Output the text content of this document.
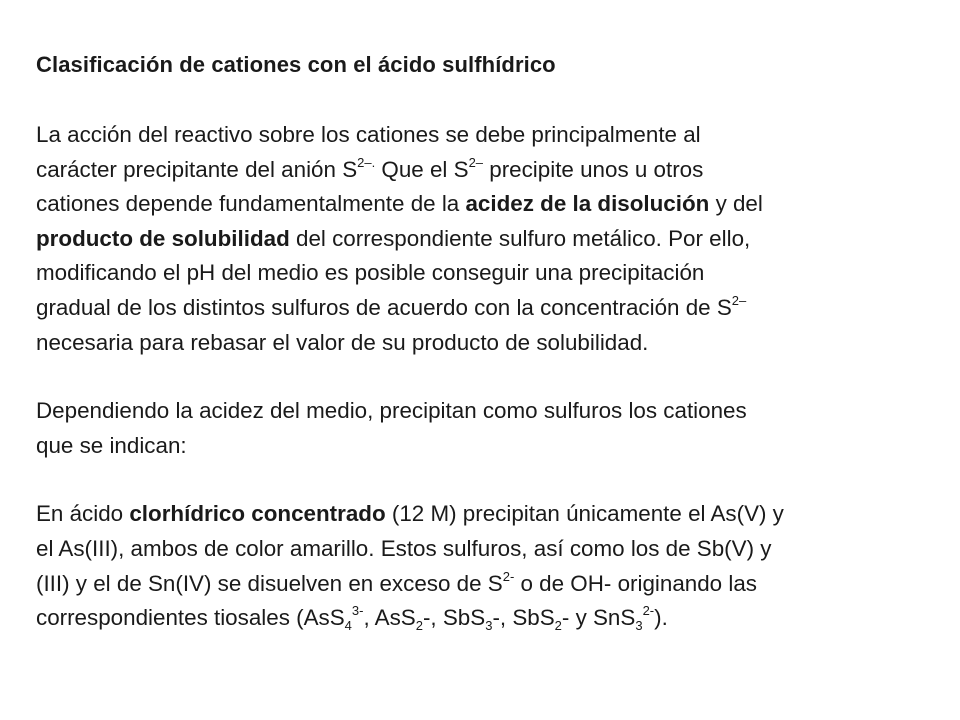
Clasificación de cationes con el ácido sulfhídrico
La acción del reactivo sobre los cationes se debe principalmente al
carácter precipitante del anión $S^{2-.}$ Que el $S^{2-}$ precipite unos u otros
cationes depende fundamentalmente de la acidez de la disolución y del
producto de solubilidad del correspondiente sulfuro metálico. Por ello,
modificando el pH del medio es posible conseguir una precipitación
gradual de los distintos sulfuros de acuerdo con la concentración de $S^{2-}$
necesaria para rebasar el valor de su producto de solubilidad.
Dependiendo la acidez del medio, precipitan como sulfuros los cationes
que se indican:
En ácido clorhídrico concentrado (12 M) precipitan únicamente el As(V) y
el As(III), ambos de color amarillo. Estos sulfuros, así como los de Sb(V) y
(III) y el de Sn(IV) se disuelven en exceso de $S^{2-}$ o de OH- originando las
correspondientes tiosales (AsS$_4^{3-}$, AsS$_2$-, SbS$_3$-, SbS$_2$- y SnS$_3^{2-}$).
